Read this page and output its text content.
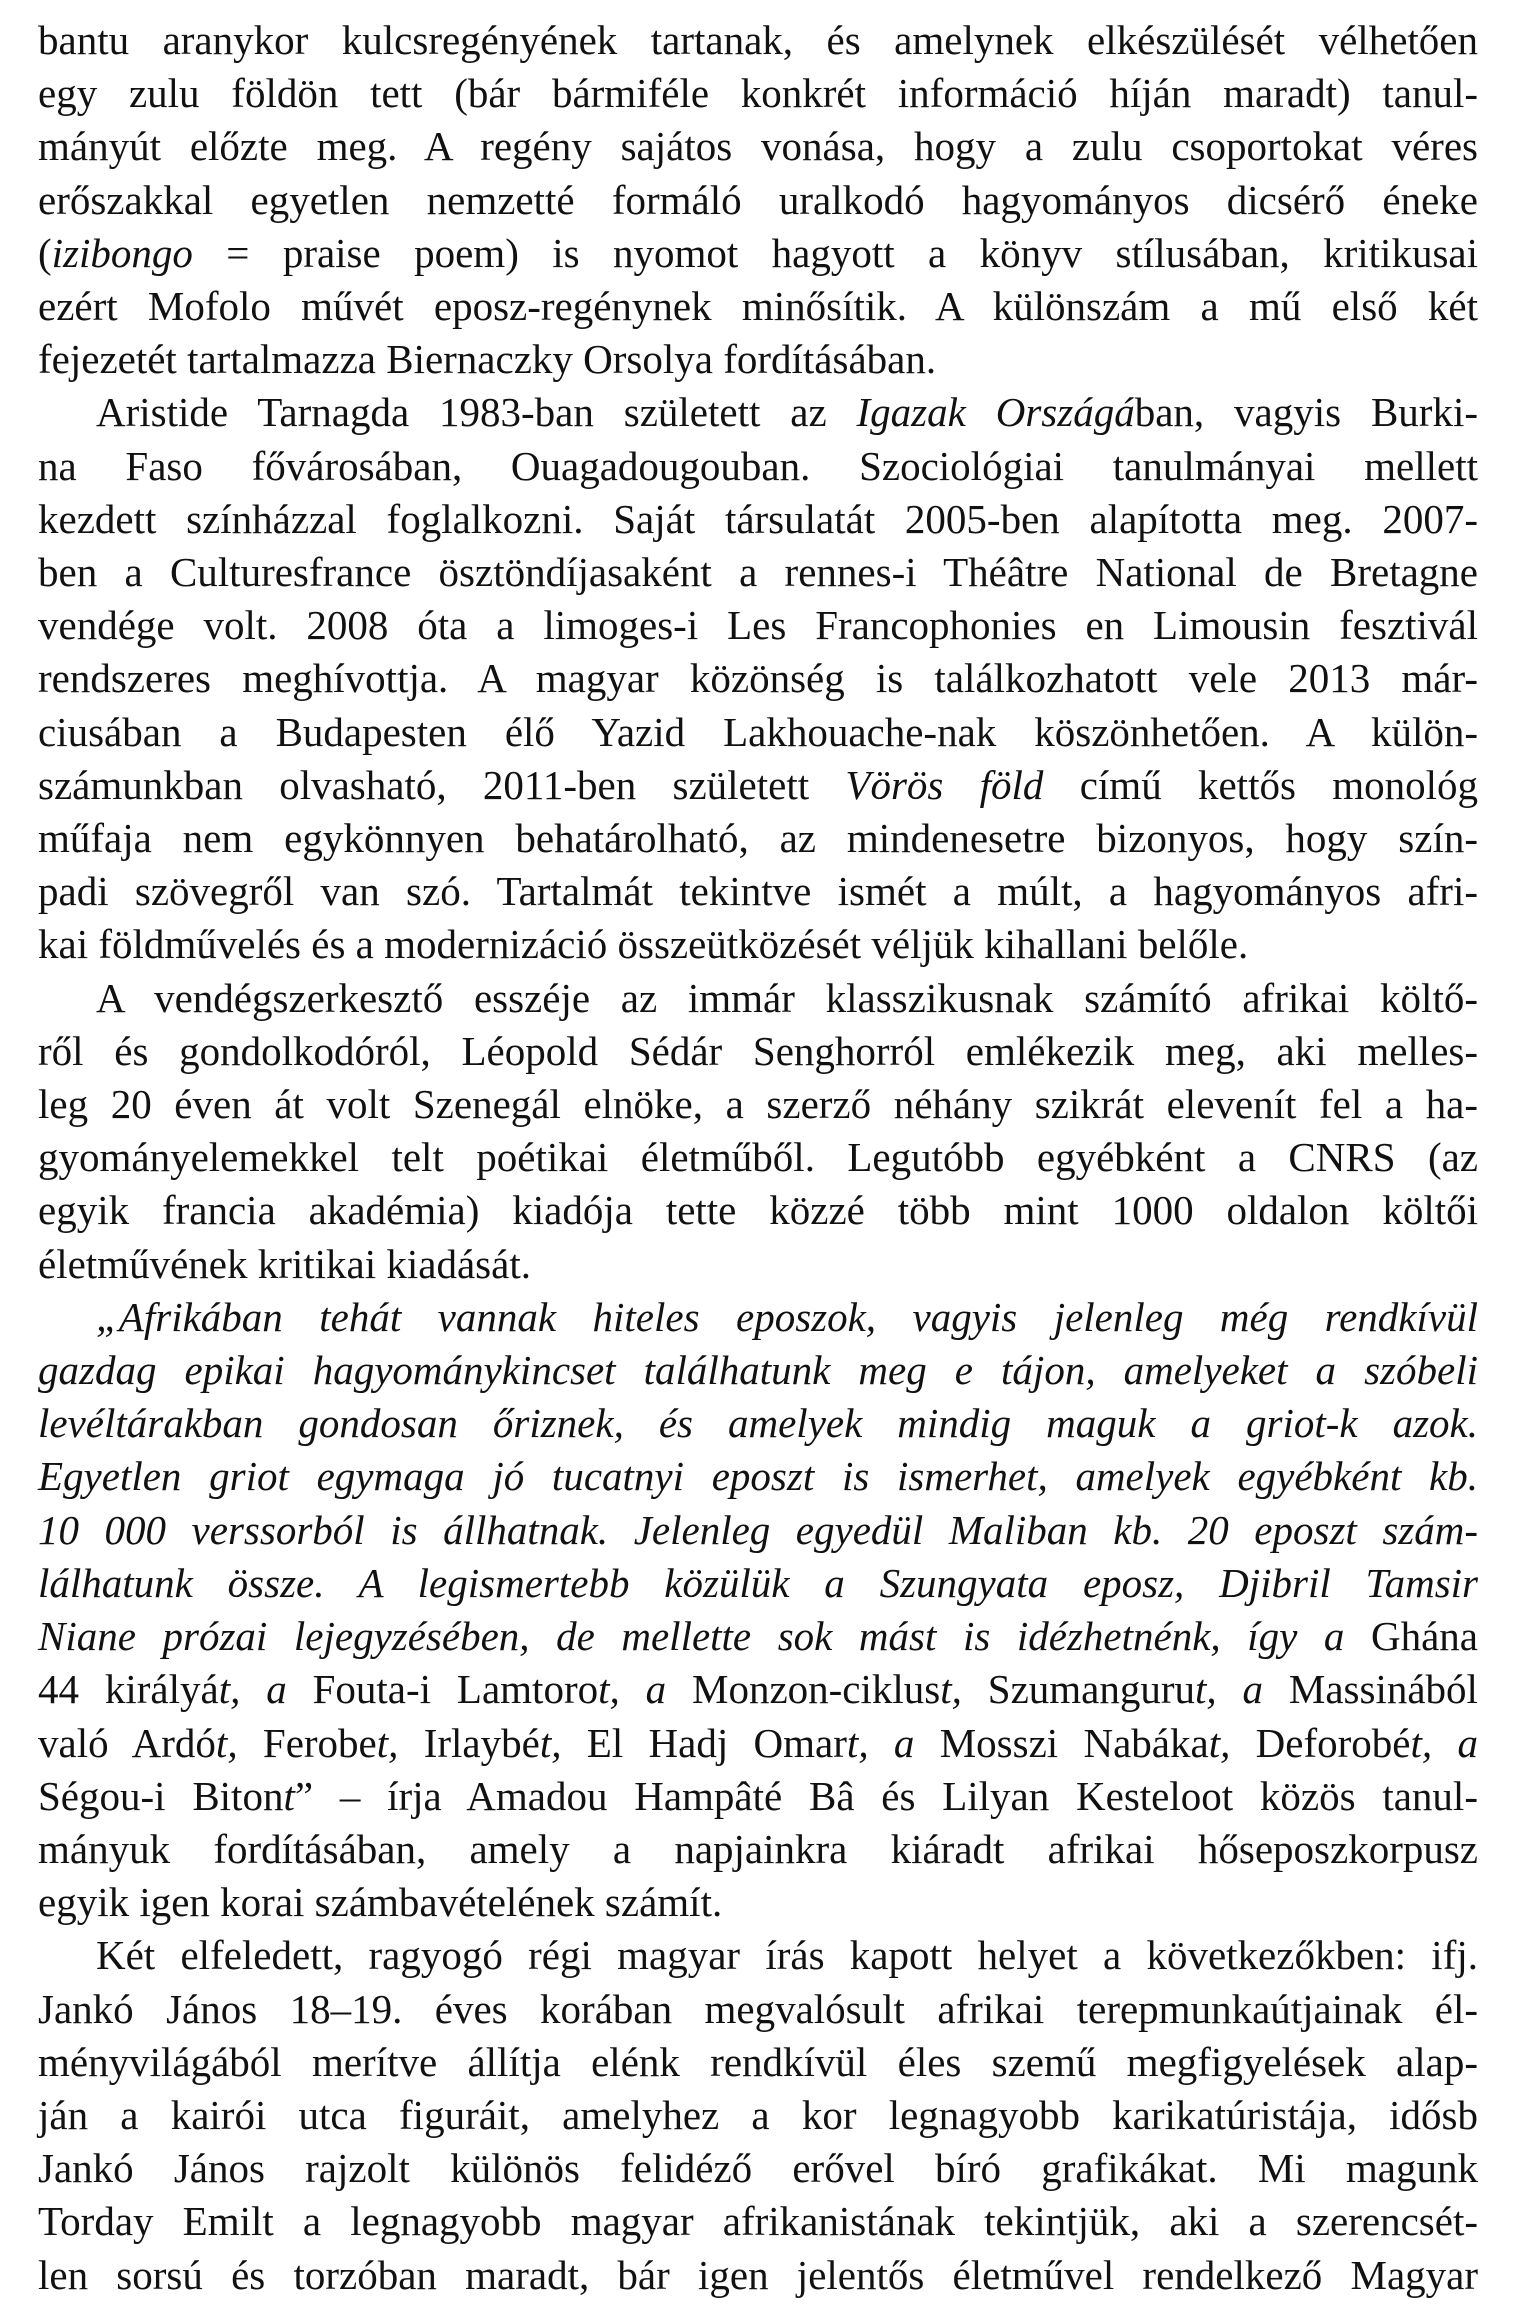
bantu aranykor kulcsregényének tartanak, és amelynek elkészülését vélhetően
egy zulu földön tett (bár bármiféle konkrét információ híján maradt) tanul-
mányút előzte meg. A regény sajátos vonása, hogy a zulu csoportokat véres
erőszakkal egyetlen nemzetté formáló uralkodó hagyományos dicsérő éneke
(izibongo = praise poem) is nyomot hagyott a könyv stílusában, kritikusai
ezért Mofolo művét eposz-regénynek minősítik. A különszám a mű első két
fejezetét tartalmazza Biernaczky Orsolya fordításában.
Aristide Tarnagda 1983-ban született az Igazak Országában, vagyis Burki-
na Faso fővárosában, Ouagadougouban. Szociológiai tanulmányai mellett
kezdett színházzal foglalkozni. Saját társulatát 2005-ben alapította meg. 2007-
ben a Culturesfrance ösztöndíjasaként a rennes-i Théâtre National de Bretagne
vendége volt. 2008 óta a limoges-i Les Francophonies en Limousin fesztivál
rendszeres meghívottja. A magyar közönség is találkozhatott vele 2013 már-
ciusában a Budapesten élő Yazid Lakhouache-nak köszönhetően. A külön-
számunkban olvasható, 2011-ben született Vörös föld című kettős monológ
műfaja nem egykönnyen behatárolható, az mindenesetre bizonyos, hogy szín-
padi szövegről van szó. Tartalmát tekintve ismét a múlt, a hagyományos afri-
kai földművelés és a modernizáció összeütközését véljük kihallani belőle.
A vendégszerkesztő esszéje az immár klasszikusnak számító afrikai költő-
ről és gondolkodóról, Léopold Sédár Senghorról emlékezik meg, aki melles-
leg 20 éven át volt Szenegál elnöke, a szerző néhány szikrát elevenít fel a ha-
gyományelemekkel telt poétikai életműből. Legutóbb egyébként a CNRS (az
egyik francia akadémia) kiadója tette közzé több mint 1000 oldalon költői
életművének kritikai kiadását.
„Afrikában tehát vannak hiteles eposzok, vagyis jelenleg még rendkívül
gazdag epikai hagyománykincset találhatunk meg e tájon, amelyeket a szóbeli
levéltárakban gondosan őriznek, és amelyek mindig maguk a griot-k azok.
Egyetlen griot egymaga jó tucatnyi eposzt is ismerhet, amelyek egyébként kb.
10 000 verssorból is állhatnak. Jelenleg egyedül Maliban kb. 20 eposzt szám-
lálhatunk össze. A legismertebb közülük a Szungyata eposz, Djibril Tamsir
Niane prózai lejegyzésében, de mellette sok mást is idézhetnénk, így a Ghána
44 királyát, a Fouta-i Lamtorot, a Monzon-ciklust, Szumangurut, a Massinából
való Ardót, Ferobet, Irlaybét, El Hadj Omart, a Mosszi Nabákat, Deforobét, a
Ségou-i Bitont” – írja Amadou Hampâté Bâ és Lilyan Kesteloot közös tanul-
mányuk fordításában, amely a napjainkra kiáradt afrikai hőseposzkorpusz
egyik igen korai számbavételének számít.
Két elfeledett, ragyogó régi magyar írás kapott helyet a következőkben: ifj.
Jankó János 18–19. éves korában megvalósult afrikai terepmunkaútjainak él-
ményvilágából merítve állítja elénk rendkívül éles szemű megfigyelések alap-
ján a kairói utca figuráit, amelyhez a kor legnagyobb karikatúristája, idősb
Jankó János rajzolt különös felidéző erővel bíró grafikákat. Mi magunk
Torday Emilt a legnagyobb magyar afrikanistának tekintjük, aki a szerencsét-
len sorsú és torzóban maradt, bár igen jelentős életművel rendelkező Magyar
